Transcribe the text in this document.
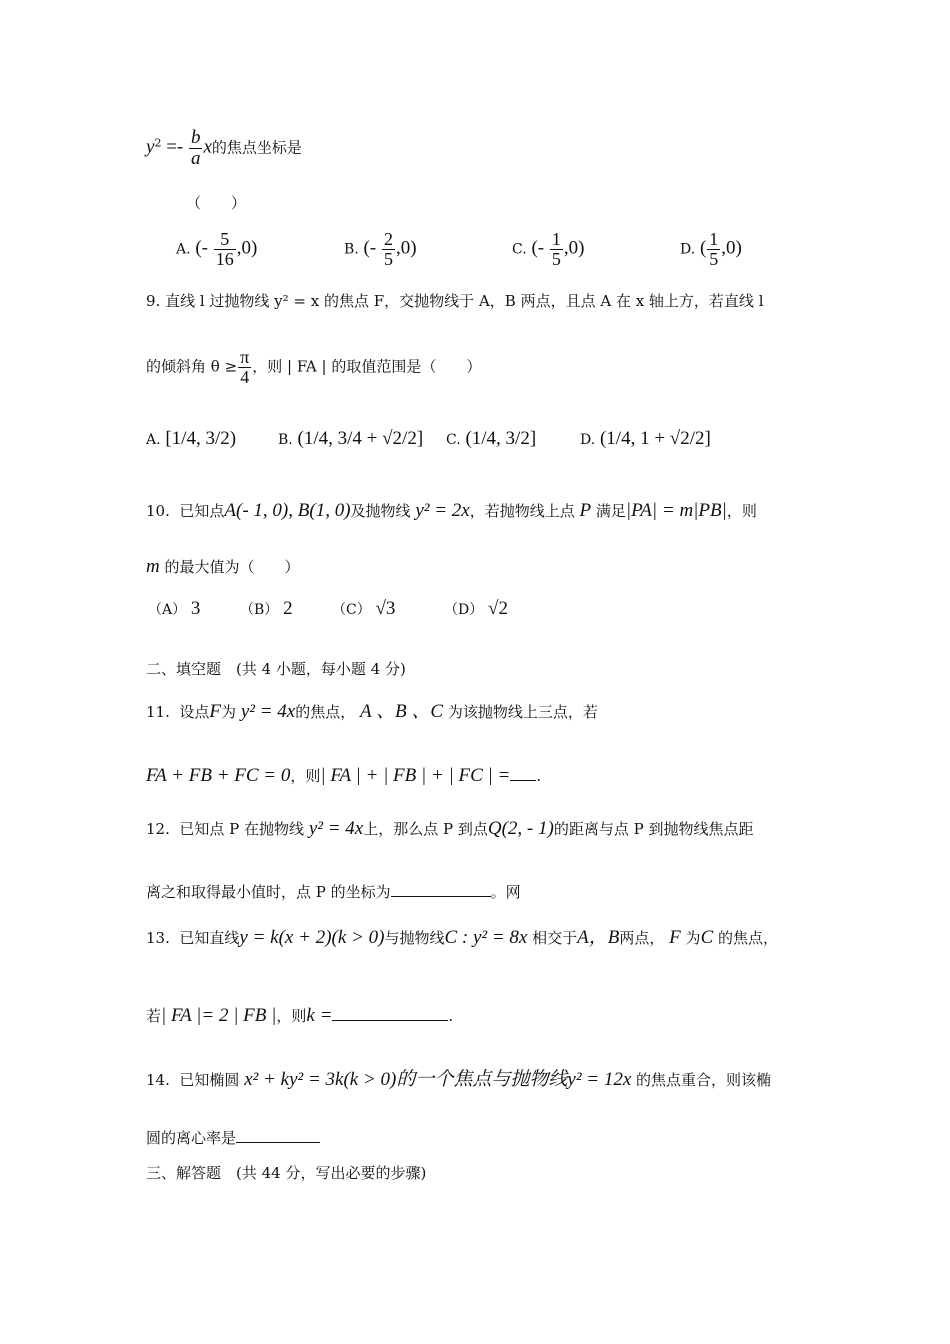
$y^2 =- \frac{b}{a}$ x的焦点坐标是
（　　）
A. (- $\frac{5}{16} ,0$)	B. (- $\frac{2}{5} ,0$)	C. (- $\frac{1}{5} ,0$)	D. ( $\frac{1}{5} ,0$)
9. 直线 l 过抛物线 y² = x 的焦点 F，交抛物线于 A，B 两点，且点 A 在 x 轴上方，若直线 l
的倾斜角 $\theta \ge \frac{\pi}{4}$ ，则 | FA | 的取值范围是（　　）
A. [1/4, 3/2)	B. (1/4, 3/4 + √2/2] C. (1/4, 3/2]	D. (1/4, 1 + √2/2]
10. 已知点A(- 1, 0), B(1, 0)及抛物线 y² = 2x，若抛物线上点 P 满足|PA| = m|PB|，则
m 的最大值为（　　）
（A） 3	（B） 2	（C） √3	（D） √2
二、填空题　(共 4 小题，每小题 4 分)
11. 设点F为 y² = 4x的焦点， A 、B 、C 为该抛物线上三点，若
FA + FB + FC = 0，则| FA | + | FB | + | FC | = .
12. 已知点 P 在抛物线 y² = 4x上，那么点 P 到点Q(2, - 1)的距离与点 P 到抛物线焦点距
离之和取得最小值时，点 P 的坐标为	。网
13. 已知直线y = k(x + 2)(k > 0)与抛物线C : y² = 8x 相交于A，B两点， F 为C 的焦点，
若| FA |= 2 | FB |，则k =	.
14. 已知椭圆 x² + ky² = 3k(k > 0)的一个焦点与抛物线y² = 12x 的焦点重合，则该椭
圆的离心率是
三、解答题　(共 44 分，写出必要的步骤)
